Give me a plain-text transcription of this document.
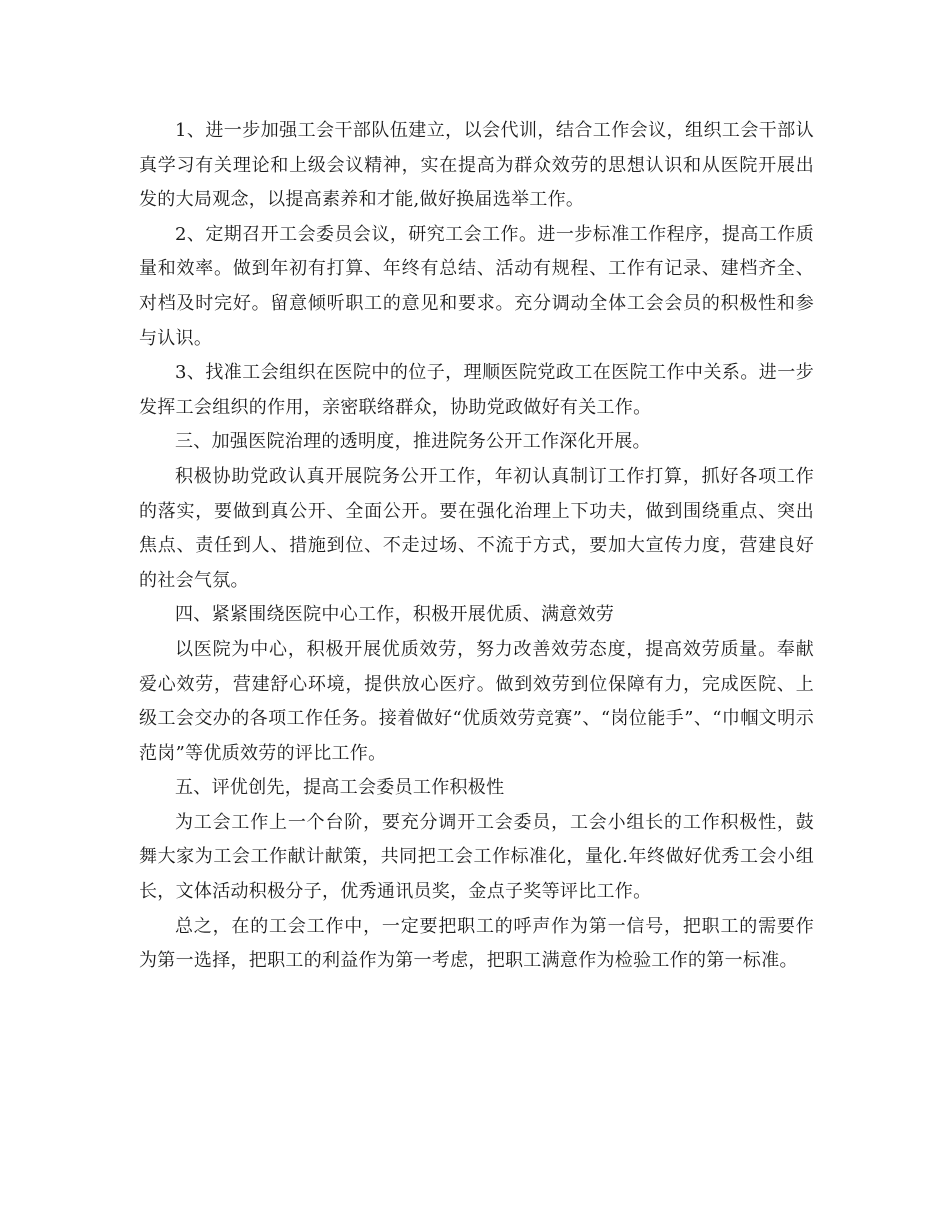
1、进一步加强工会干部队伍建立，以会代训，结合工作会议，组织工会干部认真学习有关理论和上级会议精神，实在提高为群众效劳的思想认识和从医院开展出发的大局观念，以提高素养和才能,做好换届选举工作。

2、定期召开工会委员会议，研究工会工作。进一步标准工作程序，提高工作质量和效率。做到年初有打算、年终有总结、活动有规程、工作有记录、建档齐全、对档及时完好。留意倾听职工的意见和要求。充分调动全体工会会员的积极性和参与认识。

3、找准工会组织在医院中的位子，理顺医院党政工在医院工作中关系。进一步发挥工会组织的作用，亲密联络群众，协助党政做好有关工作。

三、加强医院治理的透明度，推进院务公开工作深化开展。

积极协助党政认真开展院务公开工作，年初认真制订工作打算，抓好各项工作的落实，要做到真公开、全面公开。要在强化治理上下功夫，做到围绕重点、突出焦点、责任到人、措施到位、不走过场、不流于方式，要加大宣传力度，营建良好的社会气氛。

四、紧紧围绕医院中心工作，积极开展优质、满意效劳

以医院为中心，积极开展优质效劳，努力改善效劳态度，提高效劳质量。奉献爱心效劳，营建舒心环境，提供放心医疗。做到效劳到位保障有力，完成医院、上级工会交办的各项工作任务。接着做好“优质效劳竞赛”、“岗位能手”、“巾帼文明示范岗”等优质效劳的评比工作。

五、评优创先，提高工会委员工作积极性

为工会工作上一个台阶，要充分调开工会委员，工会小组长的工作积极性，鼓舞大家为工会工作献计献策，共同把工会工作标准化，量化.年终做好优秀工会小组长，文体活动积极分子，优秀通讯员奖，金点子奖等评比工作。

总之，在的工会工作中，一定要把职工的呼声作为第一信号，把职工的需要作为第一选择，把职工的利益作为第一考虑，把职工满意作为检验工作的第一标准。
